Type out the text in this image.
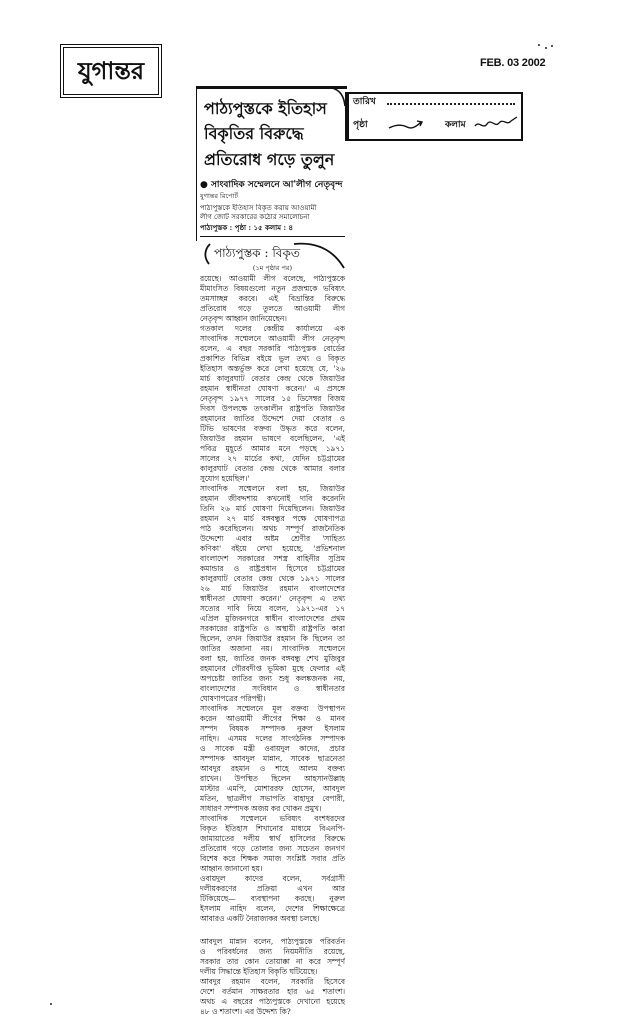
যুগান্তর	FEB. 03 2002
তারিখ
পৃষ্ঠা	কলাম
পাঠ্যপুস্তকে ইতিহাস
বিকৃতির বিরুদ্ধে
প্রতিরোধ গড়ে তুলুন
● সাংবাদিক সম্মেলনে আ'লীগ নেতৃবৃন্দ
যুগান্তর রিপোর্ট
পাঠ্যপুস্তকে ইতিহাস বিকৃত করায় আওয়ামী
লীগ জোট সরকারের কঠোর সমালোচনা
পাঠ্যপুস্তক : পৃষ্ঠা : ১৫ কলাম : ৪
পাঠ্যপুস্তক : বিকৃত
(১ম পৃষ্ঠার পর)
রয়েছে। আওয়ামী লীগ বলেছে, পাঠ্যপুস্তকে
মীমাংসিত বিষয়গুলো নতুন প্রজন্মকে ভবিষ্যৎ
তমসাচ্ছন্ন করবে। এই বিভ্রান্তির বিরুদ্ধে
প্রতিরোধ গড়ে তুলতে আওয়ামী লীগ
নেতৃবৃন্দ আহ্বান জানিয়েছেন।
গতকাল দলের কেন্দ্রীয় কার্যালয়ে এক
সাংবাদিক সম্মেলনে আওয়ামী লীগ নেতৃবৃন্দ
বলেন, এ বছর সরকারি পাঠ্যপুস্তক বোর্ডের
প্রকাশিত বিভিন্ন বইয়ে ভুল তথ্য ও বিকৃত
ইতিহাস অন্তর্ভুক্ত করে লেখা হয়েছে যে, '২৬
মার্চ কালুরঘাট বেতার কেন্দ্র থেকে জিয়াউর
রহমান স্বাধীনতা ঘোষণা করেন।' এ প্রসঙ্গে
নেতৃবৃন্দ ১৯৭৭ সালের ১৫ ডিসেম্বর বিজয়
দিবস উপলক্ষে তৎকালীন রাষ্ট্রপতি জিয়াউর
রহমানের জাতির উদ্দেশে দেয়া বেতার ও
টিভি ভাষণের বক্তব্য উদ্ধৃত করে বলেন,
জিয়াউর রহমান ভাষণে বলেছিলেন, 'এই
পবিত্র মুহূর্তে আমার মনে পড়ছে ১৯৭১
সালের ২৭ মার্চের কথা, যেদিন চট্টগ্রামের
কালুরঘাট বেতার কেন্দ্র থেকে আমার বলার
সুযোগ হয়েছিল।'
সাংবাদিক সম্মেলনে বলা হয়, জিয়াউর
রহমান জীবদ্দশায় কখনোই দাবি করেননি
তিনি ২৬ মার্চ ঘোষণা দিয়েছিলেন। জিয়াউর
রহমান ২৭ মার্চ বঙ্গবন্ধুর পক্ষে ঘোষণাপত্র
পাঠ করেছিলেন। অথচ সম্পূর্ণ রাজনৈতিক
উদ্দেশ্যে এবার অষ্টম শ্রেণীর 'সাহিত্য
কণিকা' বইয়ে লেখা হয়েছে, 'প্রভিশনাল
বাংলাদেশ সরকারের সশস্ত্র বাহিনীর সুপ্রিম
কমান্ডার ও রাষ্ট্রপ্রধান হিসেবে চট্টগ্রামের
কালুরঘাট বেতার কেন্দ্র থেকে ১৯৭১ সালের
২৬ মার্চ জিয়াউর রহমান বাংলাদেশের
স্বাধীনতা ঘোষণা করেন।' নেতৃবৃন্দ এ তথ্য
সত্যের দাবি নিয়ে বলেন, ১৯৭১-এর ১৭
এপ্রিল মুজিবনগরে স্বাধীন বাংলাদেশের প্রথম
সরকারের রাষ্ট্রপতি ও অস্থায়ী রাষ্ট্রপতি কারা
ছিলেন, তখন জিয়াউর রহমান কি ছিলেন তা
জাতির অজানা নয়। সাংবাদিক সম্মেলনে
বলা হয়, জাতির জনক বঙ্গবন্ধু শেখ মুজিবুর
রহমানের গৌরবদীপ্ত ভূমিকা মুছে ফেলার এই
অপচেষ্টা জাতির জন্য শুধু কলঙ্কজনক নয়,
বাংলাদেশের সংবিধান ও স্বাধীনতার
ঘোষণাপত্রের পরিপন্থী।
সাংবাদিক সম্মেলনে মূল বক্তব্য উপস্থাপন
করেন আওয়ামী লীগের শিক্ষা ও মানব
সম্পদ বিষয়ক সম্পাদক নুরুল ইসলাম
নাহিদ। এসময় দলের সাংগঠনিক সম্পাদক
ও সাবেক মন্ত্রী ওবায়দুল কাদের, প্রচার
সম্পাদক আবদুল মান্নান, সাবেক ছাত্রনেতা
আবদুর রহমান ও শাহে আলম বক্তব্য
রাখেন। উপস্থিত ছিলেন আহসানউল্লাহ
মাস্টার এমপি, মোশাররফ হোসেন, আবদুল
মতিন, ছাত্রলীগ সভাপতি বাহাদুর বেপারী,
সাধারণ সম্পাদক অজয় কর খোকন প্রমুখ।
সাংবাদিক সম্মেলনে ভবিষ্যৎ বংশধরদের
বিকৃত ইতিহাস শিখানোর মাধ্যমে বিএনপি-
জামায়াতের দলীয় স্বার্থ হাসিলের বিরুদ্ধে
প্রতিরোধ গড়ে তোলার জন্য সচেতন জনগণ
বিশেষ করে শিক্ষক সমাজ সংশ্লিষ্ট সবার প্রতি
আহ্বান জানানো হয়।
ওবায়দুল কাদের বলেন, সর্বগ্রাসী
দলীয়করণের প্রক্রিয়া এখন আর
টিকিয়েছে— ব্যবস্থাপনা করছে। নুরুল
ইসলাম নাহিদ বলেন, দেশের শিক্ষাক্ষেত্রে
আবারও একটি নৈরাজ্যকর অবস্থা চলছে।
আবদুল মান্নান বলেন, পাঠ্যপুস্তকে পরিবর্তন
ও পরিবর্ধনের জন্য নিয়মনীতি রয়েছে,
সরকার তার কোন তোয়াক্কা না করে সম্পূর্ণ
দলীয় সিদ্ধান্তে ইতিহাস বিকৃতি ঘটিয়েছে।
আবদুর রহমান বলেন, সরকারি হিসেবে
দেশে বর্তমান সাক্ষরতার হার ৬৫ শতাংশ।
অথচ এ বছরের পাঠ্যপুস্তকে দেখানো হয়েছে
৪৮ ও শতাংশ। এর উদ্দেশ্য কি?
